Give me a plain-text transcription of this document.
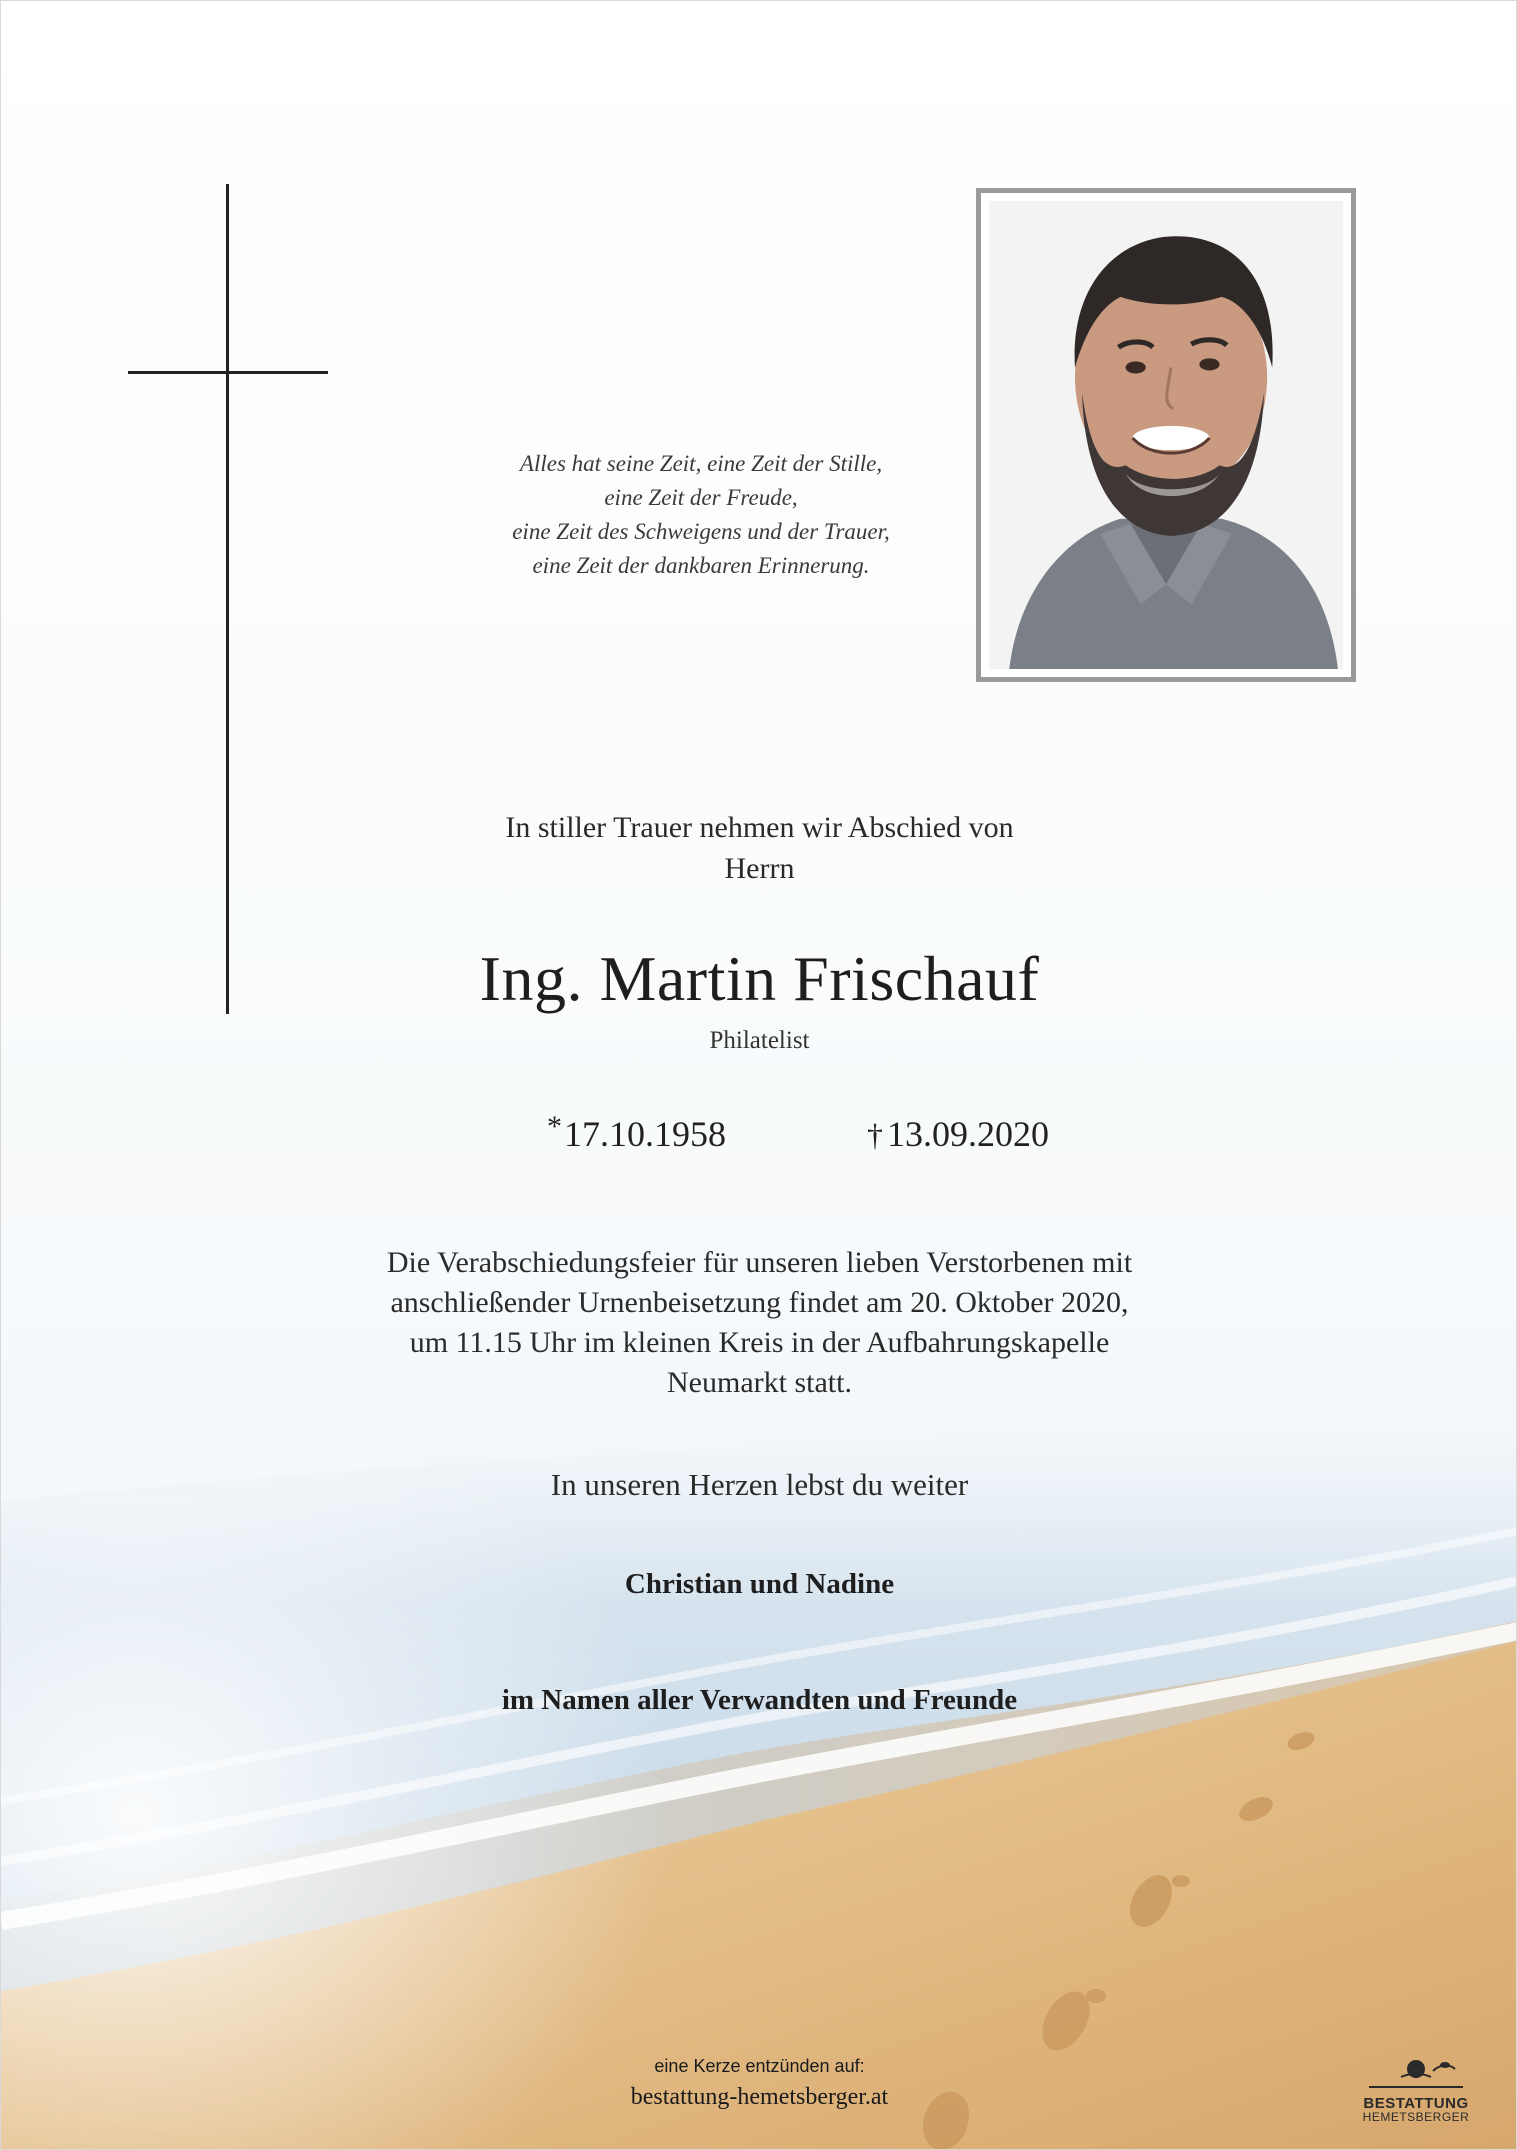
Alles hat seine Zeit, eine Zeit der Stille,
eine Zeit der Freude,
eine Zeit des Schweigens und der Trauer,
eine Zeit der dankbaren Erinnerung.
In stiller Trauer nehmen wir Abschied von
Herrn
Ing. Martin Frischauf
Philatelist
*17.10.1958	† 13.09.2020
Die Verabschiedungsfeier für unseren lieben Verstorbenen mit
anschließender Urnenbeisetzung findet am 20. Oktober 2020,
um 11.15 Uhr im kleinen Kreis in der Aufbahrungskapelle
Neumarkt statt.
In unseren Herzen lebst du weiter
Christian und Nadine
im Namen aller Verwandten und Freunde
eine Kerze entzünden auf:
bestattung-hemetsberger.at	BESTATTUNG
HEMETSBERGER
